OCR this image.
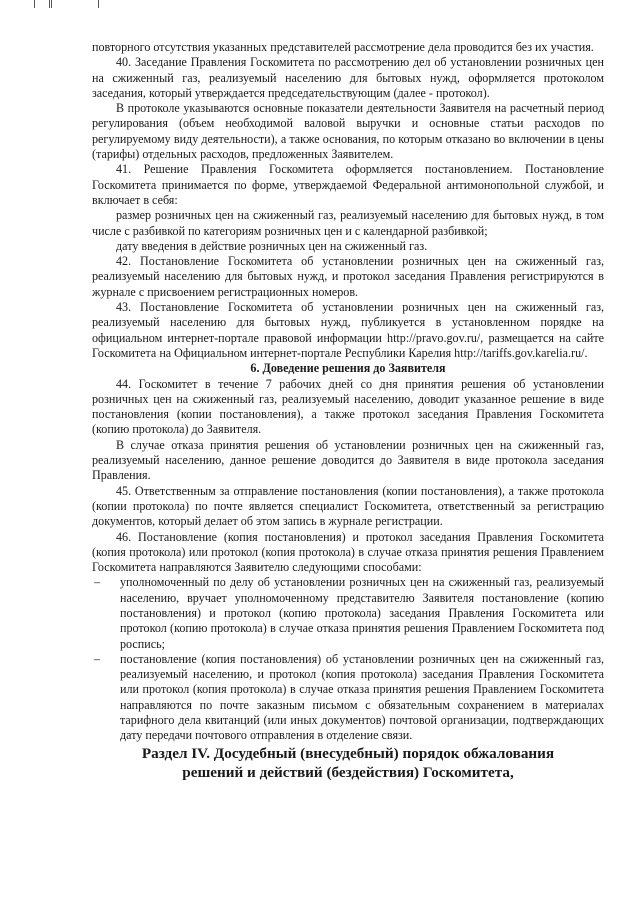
повторного отсутствия указанных представителей рассмотрение дела проводится без их участия.

40. Заседание Правления Госкомитета по рассмотрению дел об установлении розничных цен на сжиженный газ, реализуемый населению для бытовых нужд, оформляется протоколом заседания, который утверждается председательствующим (далее - протокол).

В протоколе указываются основные показатели деятельности Заявителя на расчетный период регулирования (объем необходимой валовой выручки и основные статьи расходов по регулируемому виду деятельности), а также основания, по которым отказано во включении в цены (тарифы) отдельных расходов, предложенных Заявителем.

41. Решение Правления Госкомитета оформляется постановлением. Постановление Госкомитета принимается по форме, утверждаемой Федеральной антимонопольной службой, и включает в себя:

размер розничных цен на сжиженный газ, реализуемый населению для бытовых нужд, в том числе с разбивкой по категориям розничных цен и с календарной разбивкой;

дату введения в действие розничных цен на сжиженный газ.

42. Постановление Госкомитета об установлении розничных цен на сжиженный газ, реализуемый населению для бытовых нужд, и протокол заседания Правления регистрируются в журнале с присвоением регистрационных номеров.

43. Постановление Госкомитета об установлении розничных цен на сжиженный газ, реализуемый населению для бытовых нужд, публикуется в установленном порядке на официальном интернет-портале правовой информации http://pravo.gov.ru/, размещается на сайте Госкомитета на Официальном интернет-портале Республики Карелия http://tariffs.gov.karelia.ru/.

6. Доведение решения до Заявителя

44. Госкомитет в течение 7 рабочих дней со дня принятия решения об установлении розничных цен на сжиженный газ, реализуемый населению, доводит указанное решение в виде постановления (копии постановления), а также протокол заседания Правления Госкомитета (копию протокола) до Заявителя.

В случае отказа принятия решения об установлении розничных цен на сжиженный газ, реализуемый населению, данное решение доводится до Заявителя в виде протокола заседания Правления.

45. Ответственным за отправление постановления (копии постановления), а также протокола (копии протокола) по почте является специалист Госкомитета, ответственный за регистрацию документов, который делает об этом запись в журнале регистрации.

46. Постановление (копия постановления) и протокол заседания Правления Госкомитета (копия протокола) или протокол (копия протокола) в случае отказа принятия решения Правлением Госкомитета направляются Заявителю следующими способами:

– уполномоченный по делу об установлении розничных цен на сжиженный газ, реализуемый населению, вручает уполномоченному представителю Заявителя постановление (копию постановления) и протокол (копию протокола) заседания Правления Госкомитета или протокол (копию протокола) в случае отказа принятия решения Правлением Госкомитета под роспись;
– постановление (копия постановления) об установлении розничных цен на сжиженный газ, реализуемый населению, и протокол (копия протокола) заседания Правления Госкомитета или протокол (копия протокола) в случае отказа принятия решения Правлением Госкомитета направляются по почте заказным письмом с обязательным сохранением в материалах тарифного дела квитанций (или иных документов) почтовой организации, подтверждающих дату передачи почтового отправления в отделение связи.

Раздел IV. Досудебный (внесудебный) порядок обжалования

решений и действий (бездействия) Госкомитета,
